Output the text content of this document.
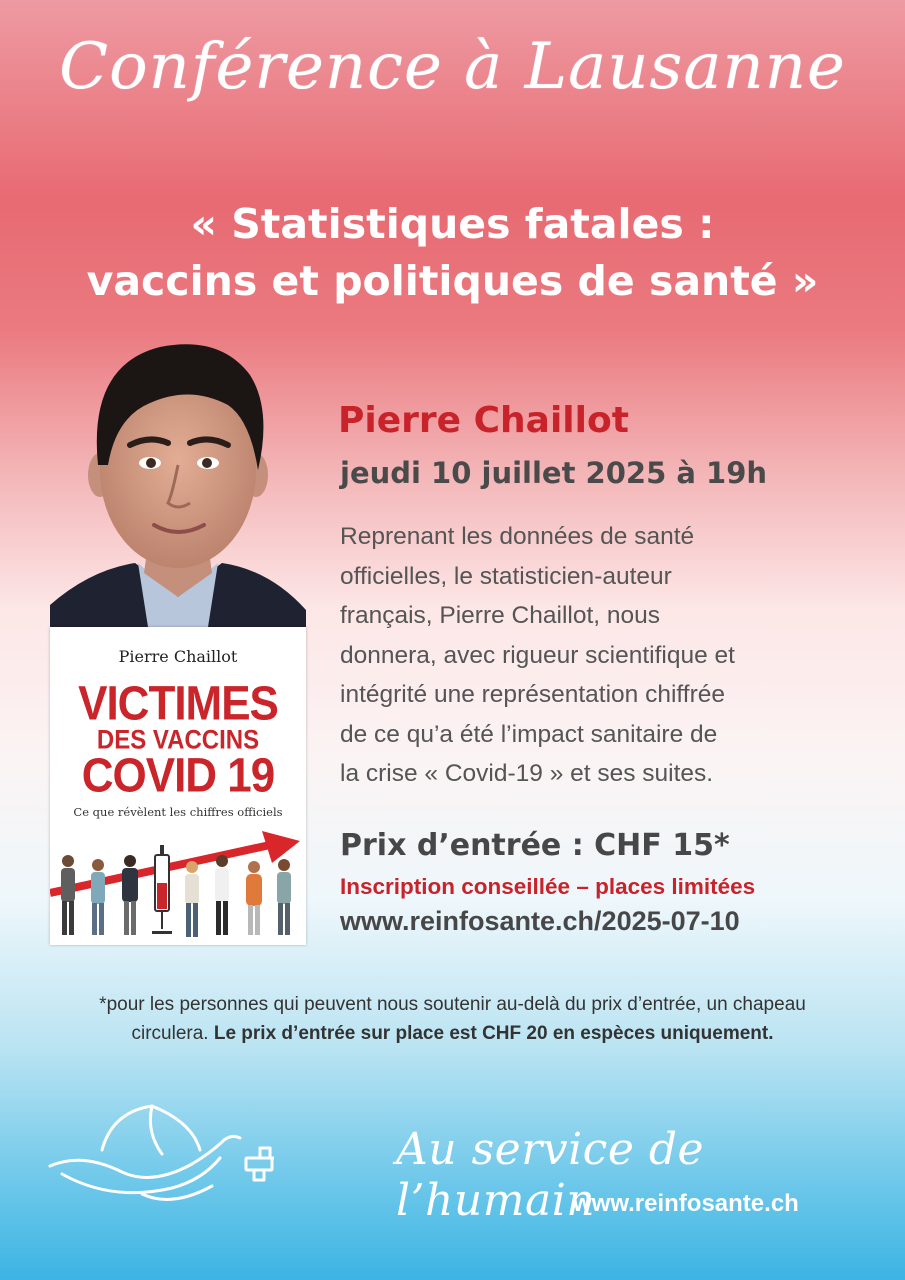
Conférence à Lausanne
« Statistiques fatales :
vaccins et politiques de santé »
Pierre Chaillot
VICTIMES
DES VACCINS
COVID 19
Ce que révèlent les chiffres officiels
Pierre Chaillot
jeudi 10 juillet 2025 à 19h
Reprenant les données de santé
officielles, le statisticien-auteur
français, Pierre Chaillot, nous
donnera, avec rigueur scientifique et
intégrité une représentation chiffrée
de ce qu’a été l’impact sanitaire de
la crise « Covid-19 » et ses suites.
Prix d’entrée : CHF 15*
Inscription conseillée – places limitées
www.reinfosante.ch/2025-07-10
*pour les personnes qui peuvent nous soutenir au-delà du prix d’entrée, un chapeau
circulera. Le prix d’entrée sur place est CHF 20 en espèces uniquement.
Au service de l’humain
www.reinfosante.ch
